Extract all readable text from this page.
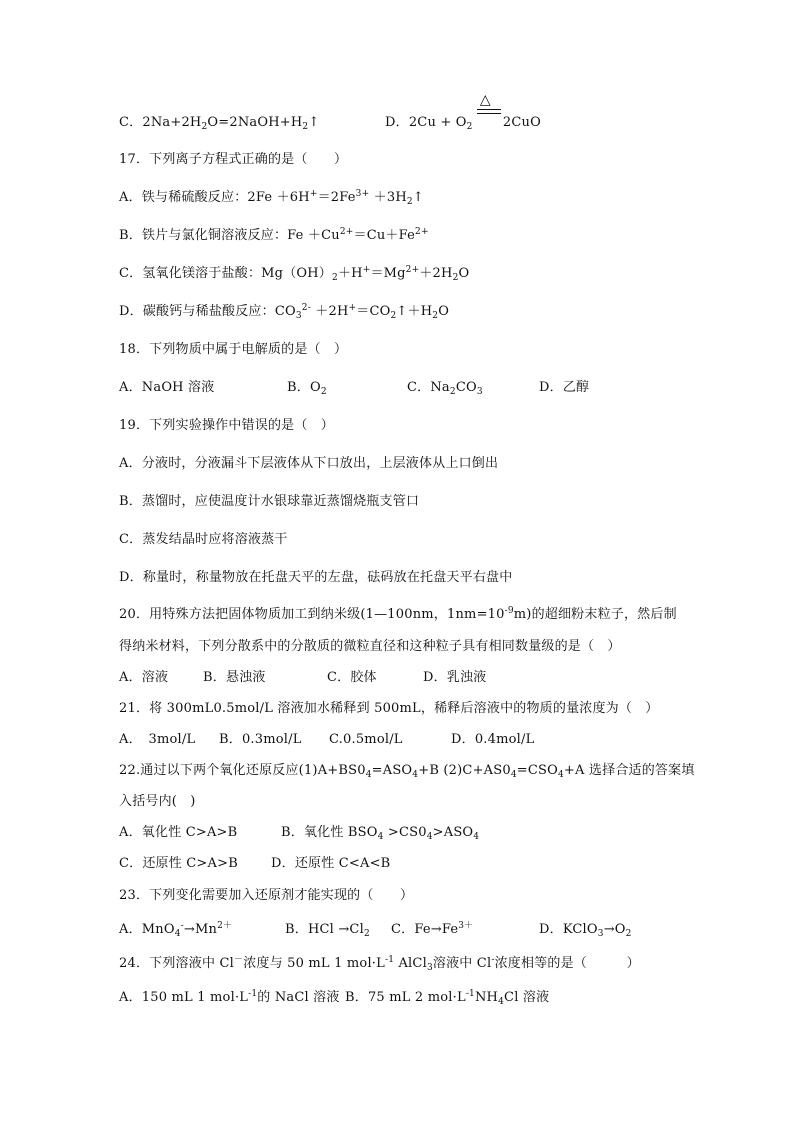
C．$2Na+2H_2O=2NaOH+H_2↑$	D．$2Cu + O_2$
△
2CuO
17．下列离子方程式正确的是（　　）
A．铁与稀硫酸反应：$2Fe +6H^+=2Fe^{3+}$ $+3H_2↑$
B．铁片与氯化铜溶液反应：$Fe +Cu^{2+}=Cu+Fe^{2+}$
C．氢氧化镁溶于盐酸：$Mg(OH)_2+H^+=Mg^{2+}+2H_2O$
D．碳酸钙与稀盐酸反应：$CO_3^{2-}$ $+2H^+=CO_2↑+H_2O$
18．下列物质中属于电解质的是（　）
A．NaOH 溶液	B．$O_2$	C．$Na_2CO_3$	D．乙醇
19．下列实验操作中错误的是（　）
A．分液时，分液漏斗下层液体从下口放出，上层液体从上口倒出
B．蒸馏时，应使温度计水银球靠近蒸馏烧瓶支管口
C．蒸发结晶时应将溶液蒸干
D．称量时，称量物放在托盘天平的左盘，砝码放在托盘天平右盘中
20．用特殊方法把固体物质加工到纳米级(1—100nm，$1nm=10^{-9}m$)的超细粉末粒子，然后制
得纳米材料，下列分散系中的分散质的微粒直径和这种粒子具有相同数量级的是（　）
A．溶液	B．悬浊液	C．胶体	D．乳浊液
21．将 300mL0.5mol/L 溶液加水稀释到 500mL，稀释后溶液中的物质的量浓度为（　）
A．　3mol/L B．0.3mol/L C.0.5mol/L	D．0.4mol/L
22.通过以下两个氧化还原反应$(1)A+BS0_4=ASO_4+B$ $(2)C+AS0_4=CSO_4+A$ 选择合适的答案填
入括号内(　)
A．氧化性 C>A>B	B．氧化性 $BSO_4 >CS0_4>ASO_4$
C．还原性 C>A>B	D．还原性 C<A<B
23．下列变化需要加入还原剂才能实现的（　　）
A．$MnO_4^-\to Mn^{2+}$	B．HCl $\to Cl_2$ C．$Fe\to Fe^{3+}$	D．$KClO_3\to O_2$
24．下列溶液中 Cl－浓度与 50 mL 1 $mol\cdot L^{-1}$ AlCl$_3$溶液中 Cl-浓度相等的是（　　　）
A．150 mL 1 $mol\cdot L^{-1}$的 NaCl 溶液 B．75 mL 2 $mol\cdot L^{-1}NH_4Cl$ 溶液
